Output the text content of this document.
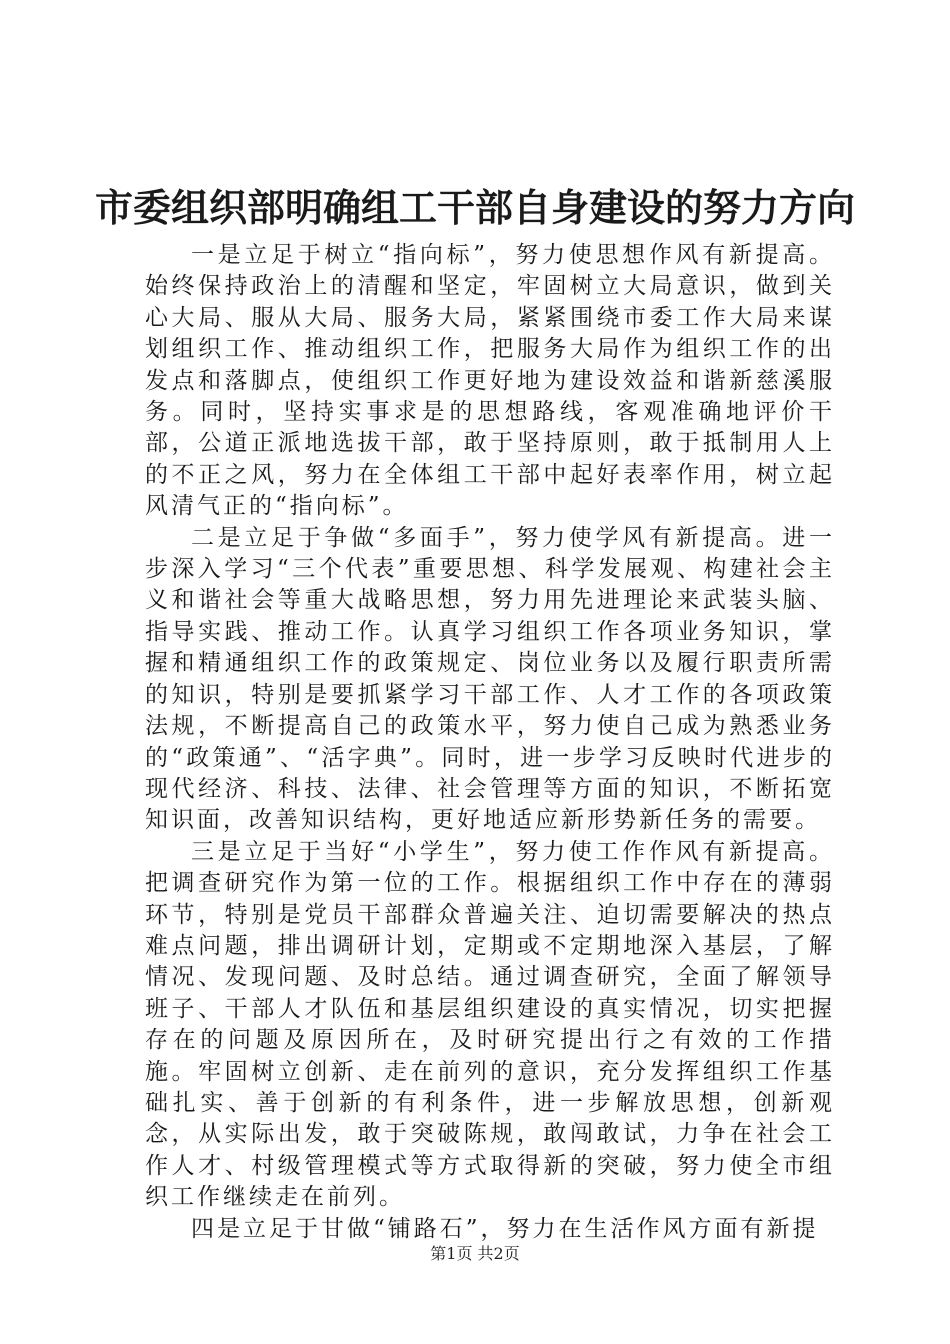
市委组织部明确组工干部自身建设的努力方向

一是立足于树立“指向标”，努力使思想作风有新提高。始终保持政治上的清醒和坚定，牢固树立大局意识，做到关心大局、服从大局、服务大局，紧紧围绕市委工作大局来谋划组织工作、推动组织工作，把服务大局作为组织工作的出发点和落脚点，使组织工作更好地为建设效益和谐新慈溪服务。同时，坚持实事求是的思想路线，客观准确地评价干部，公道正派地选拔干部，敢于坚持原则，敢于抵制用人上的不正之风，努力在全体组工干部中起好表率作用，树立起风清气正的“指向标”。

二是立足于争做“多面手”，努力使学风有新提高。进一步深入学习“三个代表”重要思想、科学发展观、构建社会主义和谐社会等重大战略思想，努力用先进理论来武装头脑、指导实践、推动工作。认真学习组织工作各项业务知识，掌握和精通组织工作的政策规定、岗位业务以及履行职责所需的知识，特别是要抓紧学习干部工作、人才工作的各项政策法规，不断提高自己的政策水平，努力使自己成为熟悉业务的“政策通”、“活字典”。同时，进一步学习反映时代进步的现代经济、科技、法律、社会管理等方面的知识，不断拓宽知识面，改善知识结构，更好地适应新形势新任务的需要。

三是立足于当好“小学生”，努力使工作作风有新提高。把调查研究作为第一位的工作。根据组织工作中存在的薄弱环节，特别是党员干部群众普遍关注、迫切需要解决的热点难点问题，排出调研计划，定期或不定期地深入基层，了解情况、发现问题、及时总结。通过调查研究，全面了解领导班子、干部人才队伍和基层组织建设的真实情况，切实把握存在的问题及原因所在，及时研究提出行之有效的工作措施。牢固树立创新、走在前列的意识，充分发挥组织工作基础扎实、善于创新的有利条件，进一步解放思想，创新观念，从实际出发，敢于突破陈规，敢闯敢试，力争在社会工作人才、村级管理模式等方式取得新的突破，努力使全市组织工作继续走在前列。

四是立足于甘做“铺路石”，努力在生活作风方面有新提

第1页 共2页
